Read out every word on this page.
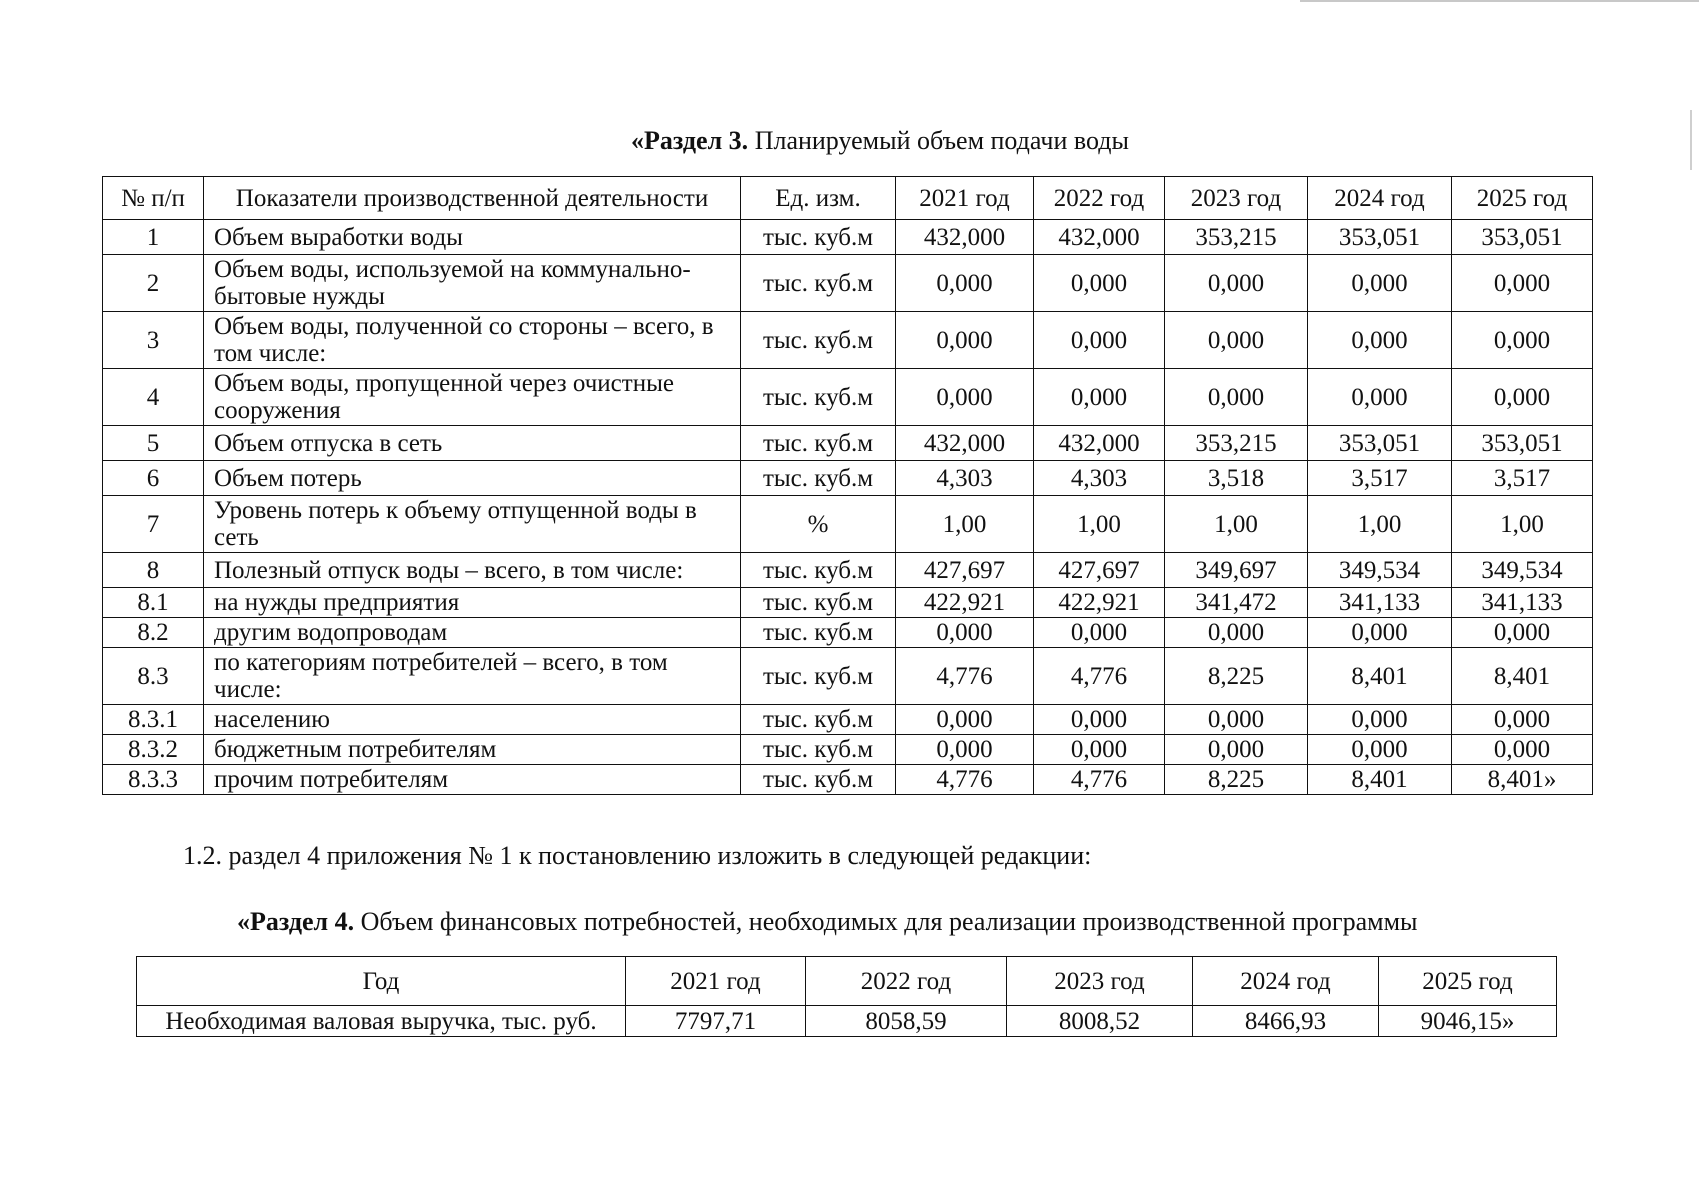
«Раздел 3. Планируемый объем подачи воды
№ п/п	Показатели производственной деятельности	Ед. изм.	2021 год	2022 год	2023 год	2024 год	2025 год
1	Объем выработки воды	тыс. куб.м	432,000	432,000	353,215	353,051	353,051
2	Объем воды, используемой на коммунально-бытовые нужды	тыс. куб.м	0,000	0,000	0,000	0,000	0,000
3	Объем воды, полученной со стороны – всего, в том числе:	тыс. куб.м	0,000	0,000	0,000	0,000	0,000
4	Объем воды, пропущенной через очистные сооружения	тыс. куб.м	0,000	0,000	0,000	0,000	0,000
5	Объем отпуска в сеть	тыс. куб.м	432,000	432,000	353,215	353,051	353,051
6	Объем потерь	тыс. куб.м	4,303	4,303	3,518	3,517	3,517
7	Уровень потерь к объему отпущенной воды в сеть	%	1,00	1,00	1,00	1,00	1,00
8	Полезный отпуск воды – всего, в том числе:	тыс. куб.м	427,697	427,697	349,697	349,534	349,534
8.1	на нужды предприятия	тыс. куб.м	422,921	422,921	341,472	341,133	341,133
8.2	другим водопроводам	тыс. куб.м	0,000	0,000	0,000	0,000	0,000
8.3	по категориям потребителей – всего, в том числе:	тыс. куб.м	4,776	4,776	8,225	8,401	8,401
8.3.1	населению	тыс. куб.м	0,000	0,000	0,000	0,000	0,000
8.3.2	бюджетным потребителям	тыс. куб.м	0,000	0,000	0,000	0,000	0,000
8.3.3	прочим потребителям	тыс. куб.м	4,776	4,776	8,225	8,401	8,401»
1.2. раздел 4 приложения № 1 к постановлению изложить в следующей редакции:
«Раздел 4. Объем финансовых потребностей, необходимых для реализации производственной программы
Год	2021 год	2022 год	2023 год	2024 год	2025 год
Необходимая валовая выручка, тыс. руб.	7797,71	8058,59	8008,52	8466,93	9046,15»
